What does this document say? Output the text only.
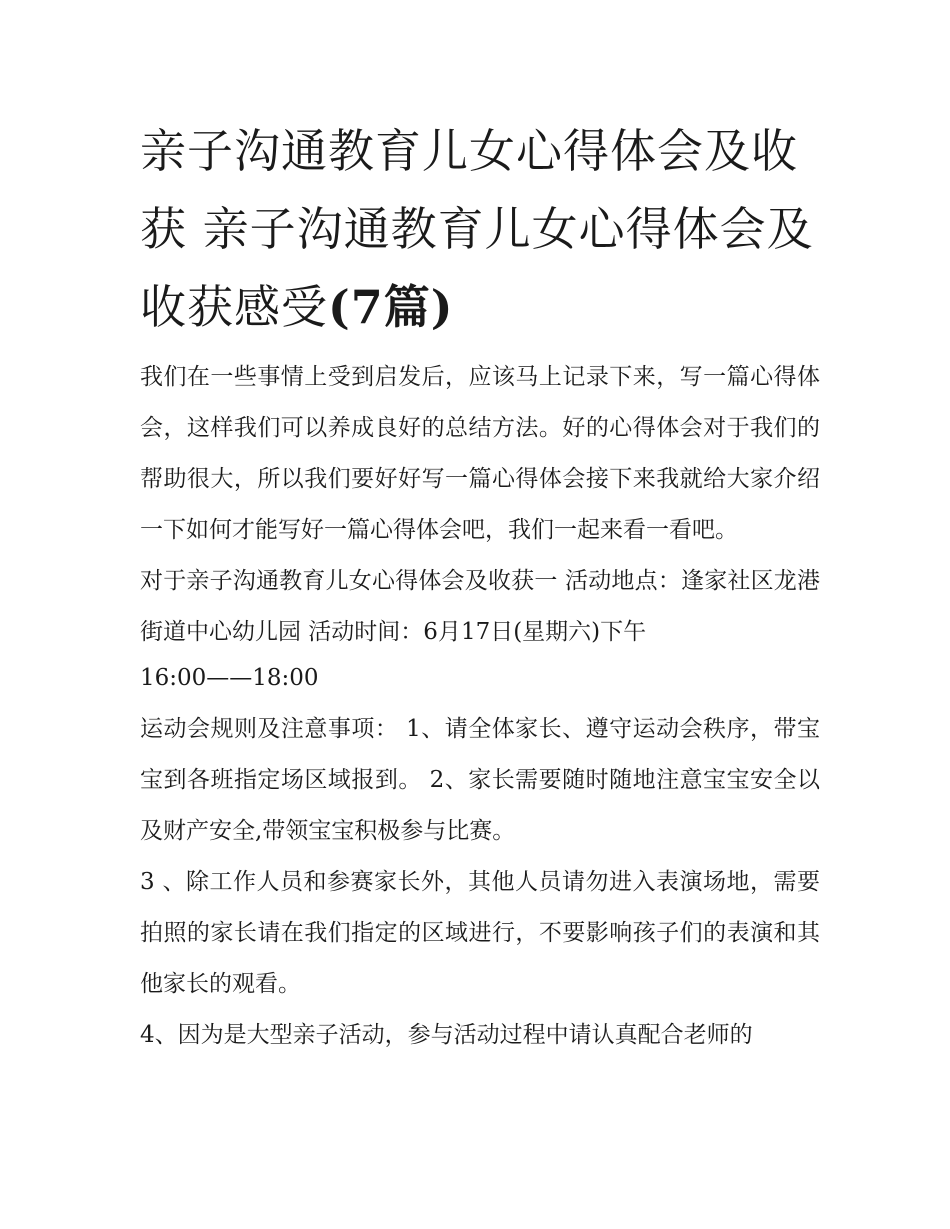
亲子沟通教育儿女心得体会及收获 亲子沟通教育儿女心得体会及收获感受(7篇)

我们在一些事情上受到启发后，应该马上记录下来，写一篇心得体会，这样我们可以养成良好的总结方法。好的心得体会对于我们的帮助很大，所以我们要好好写一篇心得体会接下来我就给大家介绍一下如何才能写好一篇心得体会吧，我们一起来看一看吧。

对于亲子沟通教育儿女心得体会及收获一 活动地点：逢家社区龙港街道中心幼儿园 活动时间：6月17日(星期六)下午

16:00——18:00

运动会规则及注意事项： 1、请全体家长、遵守运动会秩序，带宝宝到各班指定场区域报到。 2、家长需要随时随地注意宝宝安全以及财产安全,带领宝宝积极参与比赛。

3 、除工作人员和参赛家长外，其他人员请勿进入表演场地，需要拍照的家长请在我们指定的区域进行，不要影响孩子们的表演和其他家长的观看。

4、因为是大型亲子活动，参与活动过程中请认真配合老师的
